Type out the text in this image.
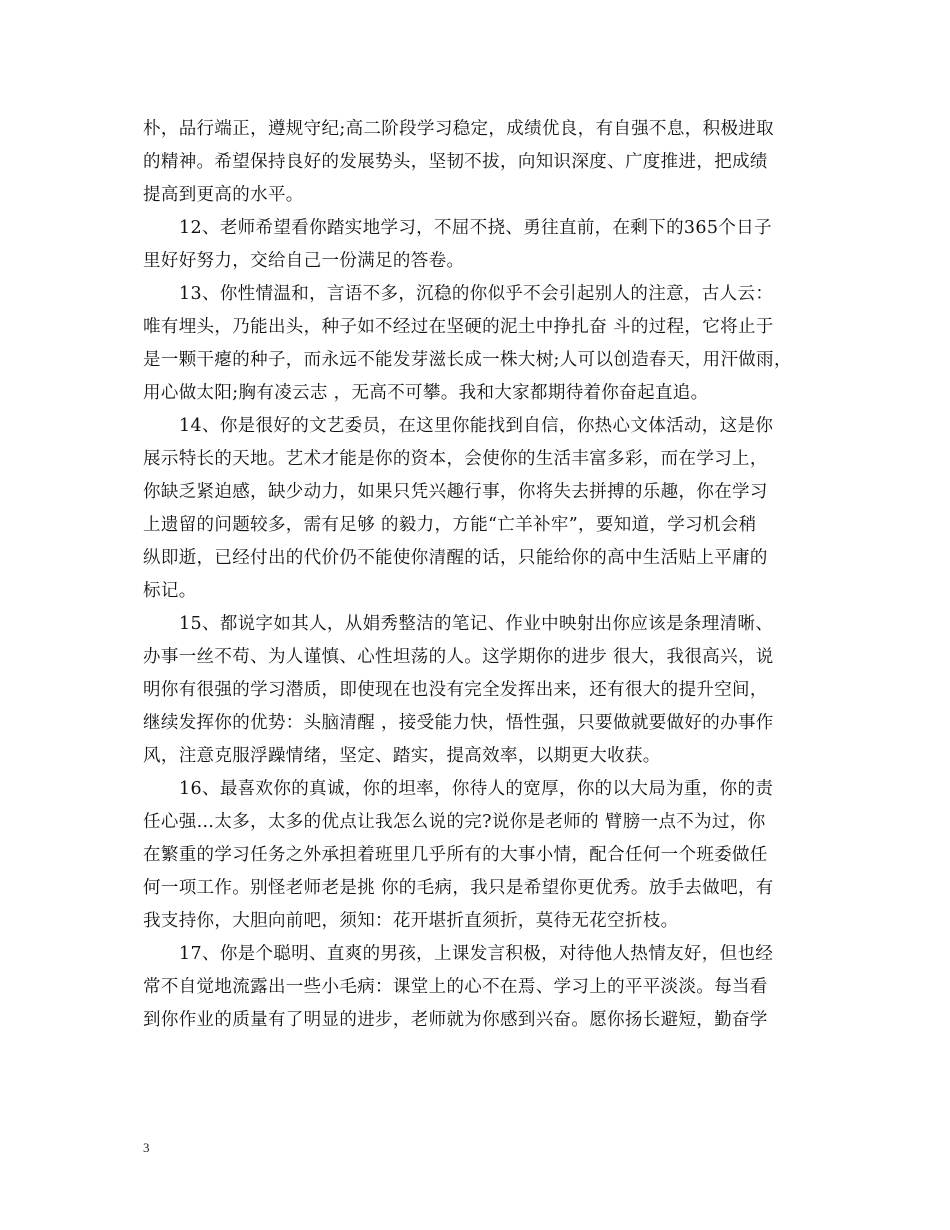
朴，品行端正，遵规守纪;高二阶段学习稳定，成绩优良，有自强不息，积极进取
的精神。希望保持良好的发展势头，坚韧不拔，向知识深度、广度推进，把成绩
提高到更高的水平。

12、老师希望看你踏实地学习，不屈不挠、勇往直前，在剩下的365个日子
里好好努力，交给自己一份满足的答卷。

13、你性情温和，言语不多，沉稳的你似乎不会引起别人的注意，古人云：
唯有埋头，乃能出头，种子如不经过在坚硬的泥土中挣扎奋 斗的过程，它将止于
是一颗干瘪的种子，而永远不能发芽滋长成一株大树;人可以创造春天，用汗做雨，
用心做太阳;胸有凌云志 ，无高不可攀。我和大家都期待着你奋起直追。

14、你是很好的文艺委员，在这里你能找到自信，你热心文体活动，这是你
展示特长的天地。艺术才能是你的资本，会使你的生活丰富多彩，而在学习上，
你缺乏紧迫感，缺少动力，如果只凭兴趣行事，你将失去拼搏的乐趣，你在学习
上遗留的问题较多，需有足够 的毅力，方能“亡羊补牢”，要知道，学习机会稍
纵即逝，已经付出的代价仍不能使你清醒的话，只能给你的高中生活贴上平庸的
标记。

15、都说字如其人，从娟秀整洁的笔记、作业中映射出你应该是条理清晰、
办事一丝不苟、为人谨慎、心性坦荡的人。这学期你的进步 很大，我很高兴，说
明你有很强的学习潜质，即使现在也没有完全发挥出来，还有很大的提升空间，
继续发挥你的优势：头脑清醒 ，接受能力快，悟性强，只要做就要做好的办事作
风，注意克服浮躁情绪，坚定、踏实，提高效率，以期更大收获。

16、最喜欢你的真诚，你的坦率，你待人的宽厚，你的以大局为重，你的责
任心强…太多，太多的优点让我怎么说的完?说你是老师的 臂膀一点不为过，你
在繁重的学习任务之外承担着班里几乎所有的大事小情，配合任何一个班委做任
何一项工作。别怪老师老是挑 你的毛病，我只是希望你更优秀。放手去做吧，有
我支持你，大胆向前吧，须知：花开堪折直须折，莫待无花空折枝。

17、你是个聪明、直爽的男孩，上课发言积极，对待他人热情友好，但也经
常不自觉地流露出一些小毛病：课堂上的心不在焉、学习上的平平淡淡。每当看
到你作业的质量有了明显的进步，老师就为你感到兴奋。愿你扬长避短，勤奋学

3
